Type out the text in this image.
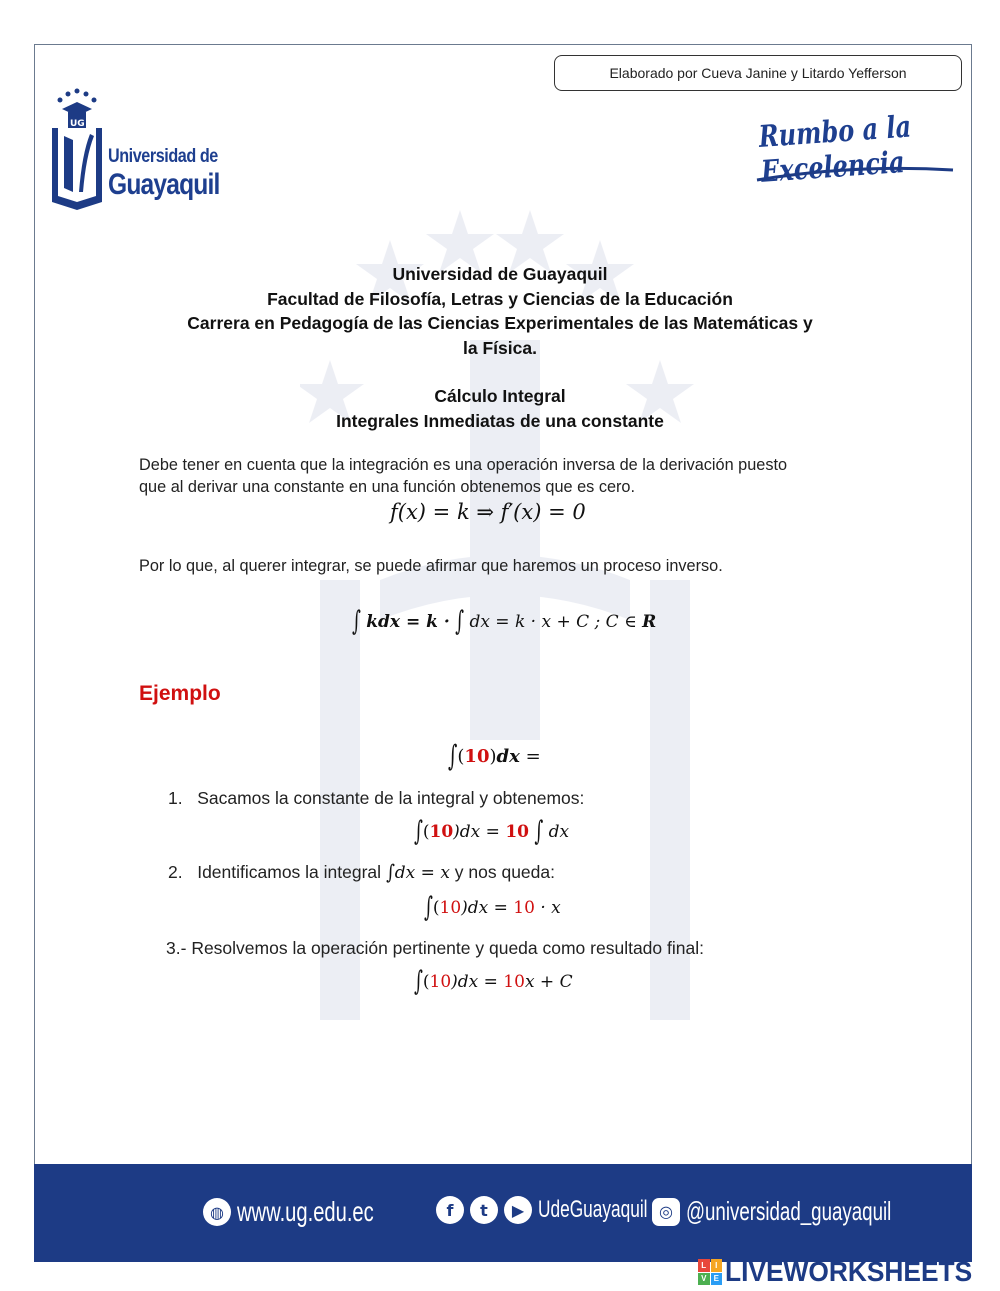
Elaborado por Cueva Janine y Litardo Yefferson
UG
Universidad de
Guayaquil
Rumbo a la Excelencia
Universidad de Guayaquil
Facultad de Filosofía, Letras y Ciencias de la Educación
Carrera en Pedagogía de las Ciencias Experimentales de las Matemáticas y
la Física.
Cálculo Integral
Integrales Inmediatas de una constante
Debe tener en cuenta que la integración es una operación inversa de la derivación puesto
que al derivar una constante en una función obtenemos que es cero.
f(x) = k ⇒ f′(x) = 0
Por lo que, al querer integrar, se puede afirmar que haremos un proceso inverso.
∫ kdx = k · ∫ dx = k · x + C ; C ∈ R
Ejemplo
∫(10)dx =
1. Sacamos la constante de la integral y obtenemos:
∫(10)dx = 10 ∫ dx
2. Identificamos la integral ∫dx = x y nos queda:
∫(10)dx = 10 · x
3.- Resolvemos la operación pertinente y queda como resultado final:
∫(10)dx = 10x + C
◍ www.ug.edu.ec	f	t	▶ UdeGuayaquil ◎ @universidad_guayaquil
L	I
V E LIVEWORKSHEETS
